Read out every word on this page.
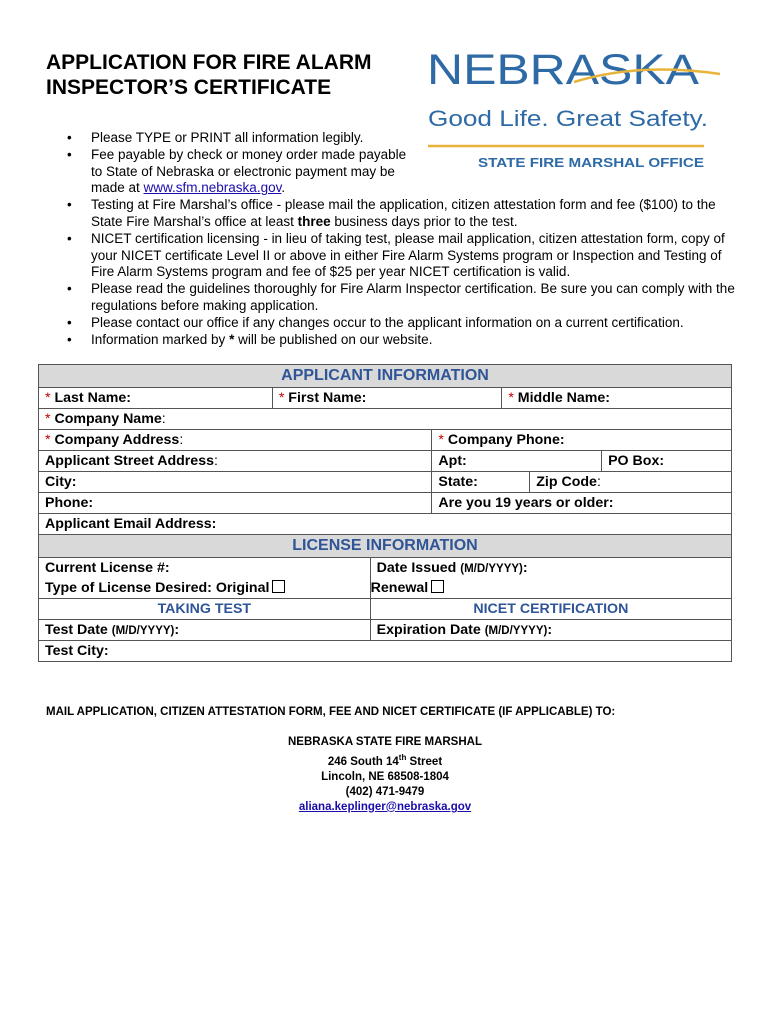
APPLICATION FOR FIRE ALARM
INSPECTOR’S CERTIFICATE	NEBRASKA
Good Life. Great Safety.
STATE FIRE MARSHAL OFFICE
• Please TYPE or PRINT all information legibly.
• Fee payable by check or money order made payable to State of Nebraska or electronic payment may be made at www.sfm.nebraska.gov.
• Testing at Fire Marshal’s office - please mail the application, citizen attestation form and fee ($100) to the State Fire Marshal’s office at least three business days prior to the test.
• NICET certification licensing - in lieu of taking test, please mail application, citizen attestation form, copy of your NICET certificate Level II or above in either Fire Alarm Systems program or Inspection and Testing of Fire Alarm Systems program and fee of $25 per year NICET certification is valid.
• Please read the guidelines thoroughly for Fire Alarm Inspector certification. Be sure you can comply with the regulations before making application.
• Please contact our office if any changes occur to the applicant information on a current certification.
• Information marked by * will be published on our website.
APPLICANT INFORMATION						
* Last Name:	* First Name:			* Middle Name:		
* Company Name:						
* Company Address:			* Company Phone:			
Applicant Street Address:			Apt:			PO Box:
City:			State:		Zip Code:	
Phone:			Are you 19 years or older:			
Applicant Email Address:						
LICENSE INFORMATION						
Current License #:		Date Issued (M/D/YYYY):				
Type of License Desired: Original		Renewal				
TAKING TEST		NICET CERTIFICATION				
Test Date (M/D/YYYY):		Expiration Date (M/D/YYYY):				
Test City:						
MAIL APPLICATION, CITIZEN ATTESTATION FORM, FEE AND NICET CERTIFICATE (IF APPLICABLE) TO:
NEBRASKA STATE FIRE MARSHAL
246 South 14th Street
Lincoln, NE 68508-1804
(402) 471-9479
aliana.keplinger@nebraska.gov
